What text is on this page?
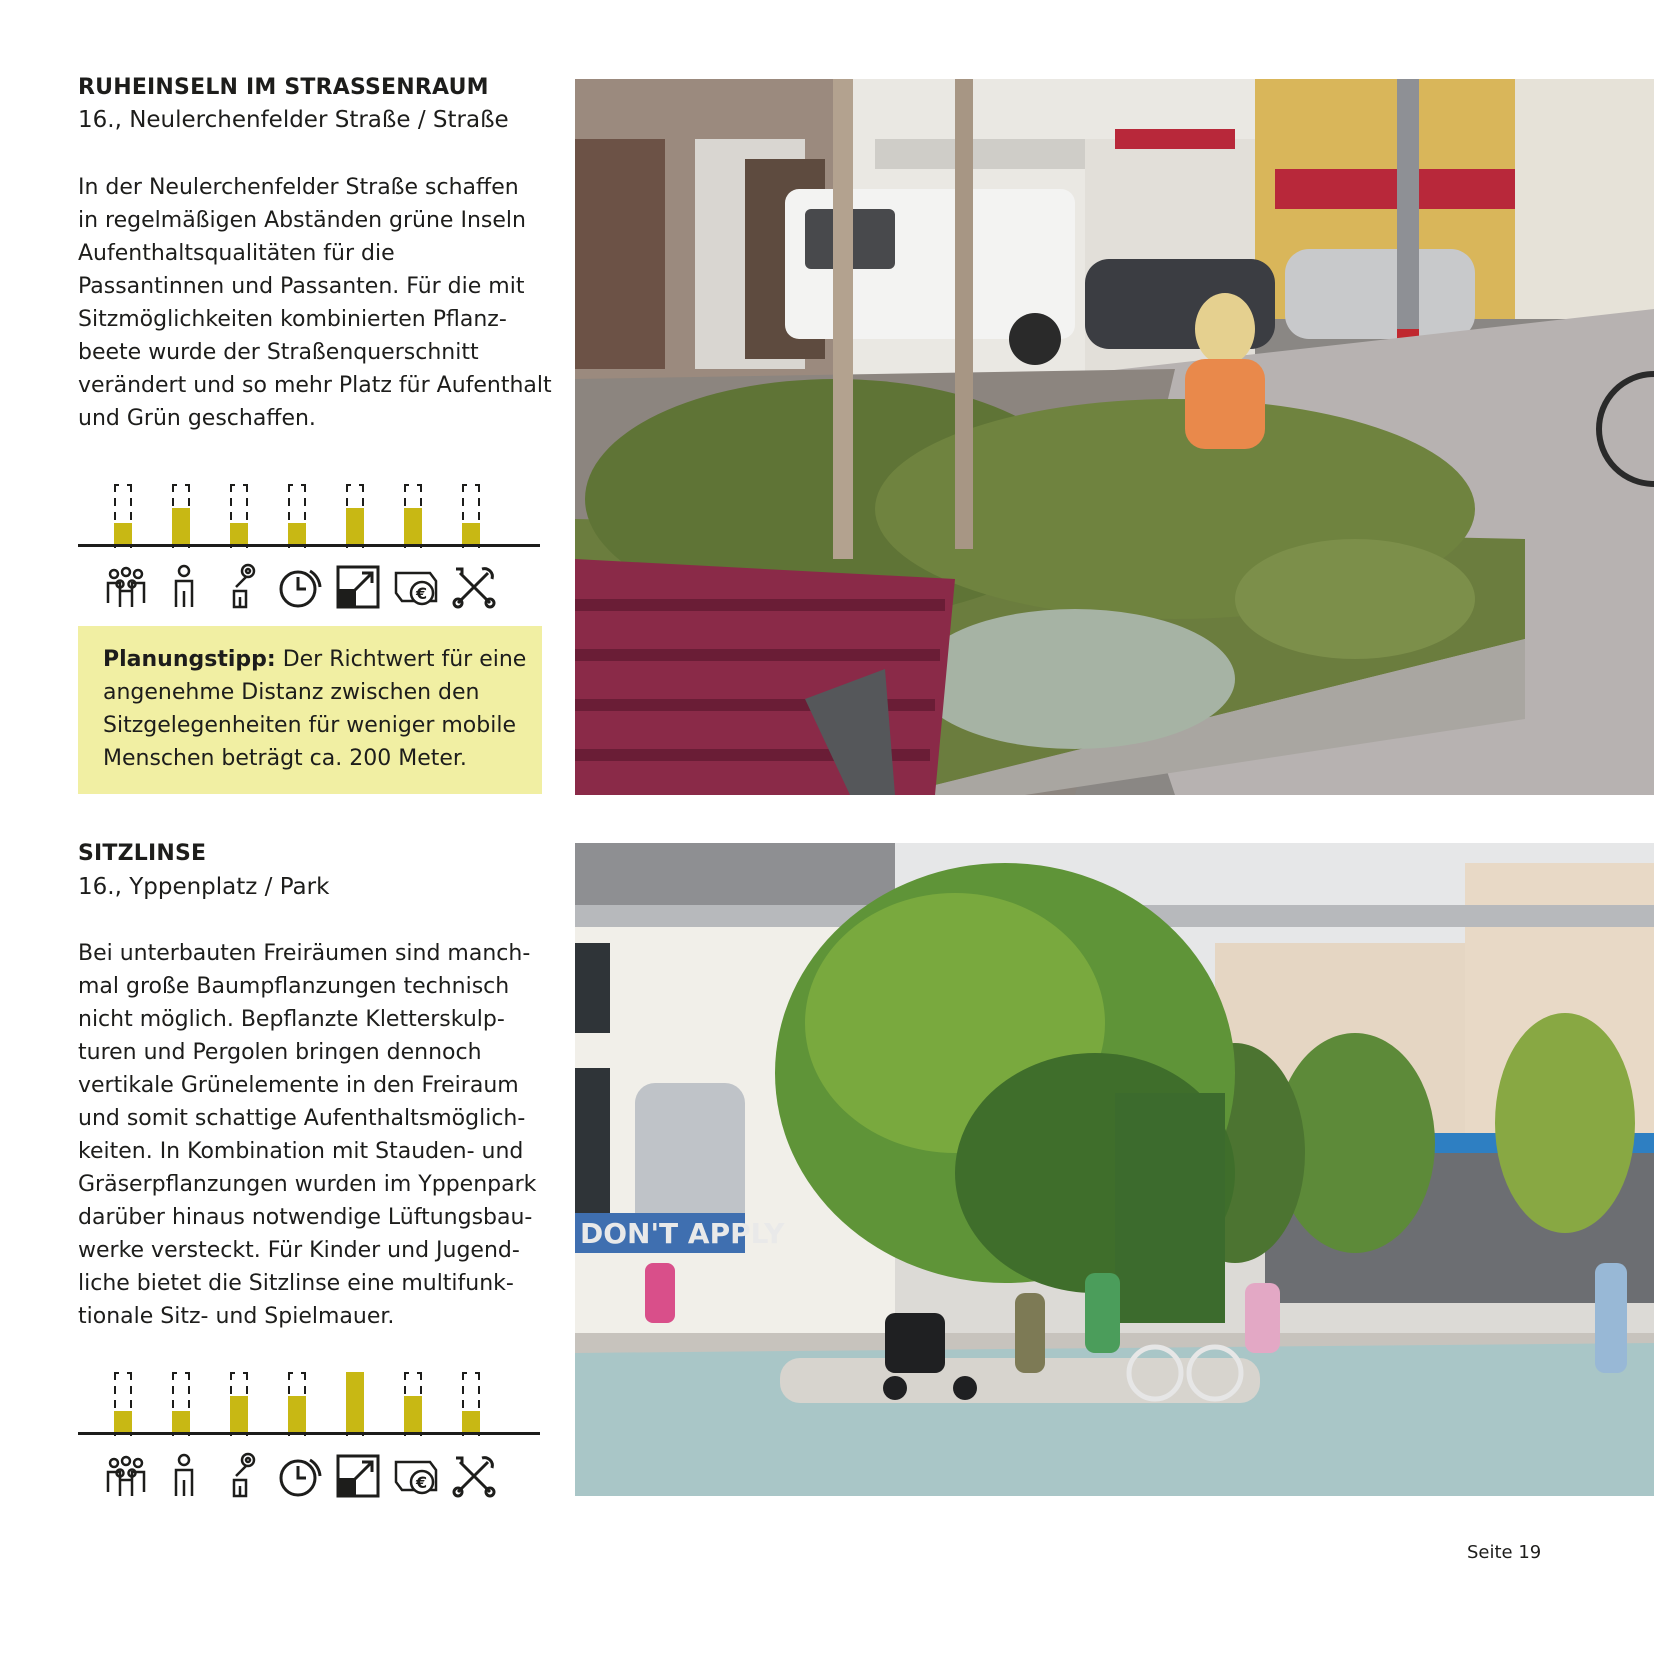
RUHEINSELN IM STRASSENRAUM
16., Neulerchenfelder Straße / Straße

In der Neulerchenfelder Straße schaffen

in regelmäßigen Abständen grüne Inseln

Aufenthaltsqualitäten für die

Passantinnen und Passanten. Für die mit

Sitzmöglichkeiten kombinierten Pflanz-

beete wurde der Straßenquerschnitt

verändert und so mehr Platz für Aufenthalt

und Grün geschaffen.

€

Planungstipp: Der Richtwert für eine

angenehme Distanz zwischen den

Sitzgelegenheiten für weniger mobile

Menschen beträgt ca. 200 Meter.

SITZLINSE
16., Yppenplatz / Park

Bei unterbauten Freiräumen sind manch-

mal große Baumpflanzungen technisch

nicht möglich. Bepflanzte Kletterskulp-

turen und Pergolen bringen dennoch

vertikale Grünelemente in den Freiraum

und somit schattige Aufenthaltsmöglich-

keiten. In Kombination mit Stauden- und

Gräserpflanzungen wurden im Yppenpark

darüber hinaus notwendige Lüftungsbau-

werke versteckt. Für Kinder und Jugend-

liche bietet die Sitzlinse eine multifunk-

tionale Sitz- und Spielmauer.

€
DON'T APPLY
Seite 19
